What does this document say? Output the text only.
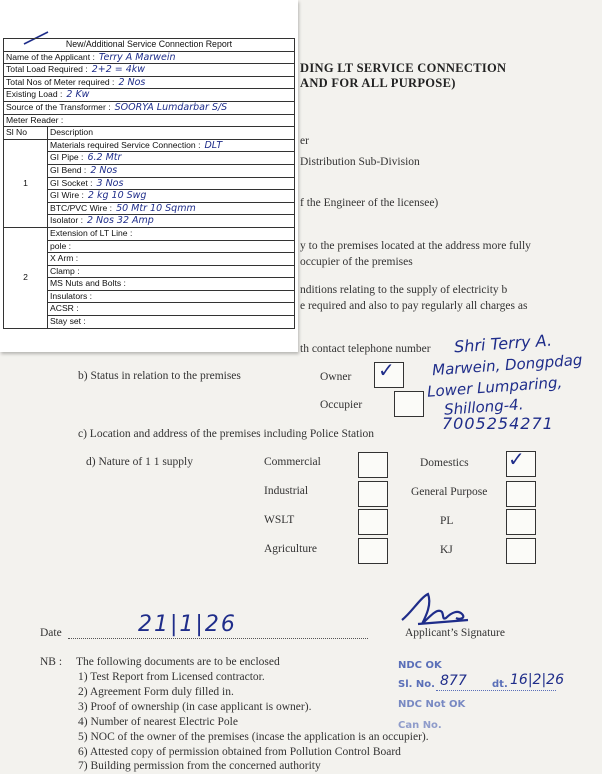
DING LT SERVICE CONNECTION
AND FOR ALL PURPOSE)
er
Distribution Sub-Division
f the Engineer of the licensee)
y to the premises located at the address more fully
occupier of the premises
nditions relating to the supply of electricity b
e required and also to pay regularly all charges as
th contact telephone number Shri Terry A.
Marwein, Dongpdag
Lower Lumparing,
Shillong-4.
7005254271
b) Status in relation to the premises	Owner ✓
Occupier
c) Location and address of the premises including Police Station
d) Nature of 1 1 supply	Commercial	Domestics ✓
Industrial	General Purpose
WSLT	PL
Agriculture	KJ
Date	21|1|26	Applicant’s Signature
NB : The following documents are to be enclosed
1) Test Report from Licensed contractor.
2) Agreement Form duly filled in.
3) Proof of ownership (in case applicant is owner).
4) Number of nearest Electric Pole
5) NOC of the owner of the premises (incase the application is an occupier).
6) Attested copy of permission obtained from Pollution Control Board
7) Building permission from the concerned authority
NDC OK
Sl. No. 877	dt. 16|2|26
NDC Not OK
Can No.
New/Additional Service Connection Report	
Name of the Applicant : Terry A Marwein	
Total Load Required : 2+2 = 4kw	
Total Nos of Meter required : 2 Nos	
Existing Load : 2 Kw	
Source of the Transformer : SOORYA Lumdarbar S/S	
Meter Reader :	
Sl No	Description
1	Materials required Service Connection : DLT
	GI Pipe : 6.2 Mtr
	GI Bend : 2 Nos
	GI Socket : 3 Nos
	GI Wire : 2 kg 10 Swg
	BTC/PVC Wire : 50 Mtr 10 Sqmm
	Isolator : 2 Nos 32 Amp
2	Extension of LT Line :
	pole :
	X Arm :
	Clamp :
	MS Nuts and Bolts :
	Insulators :
	ACSR :
	Stay set :
